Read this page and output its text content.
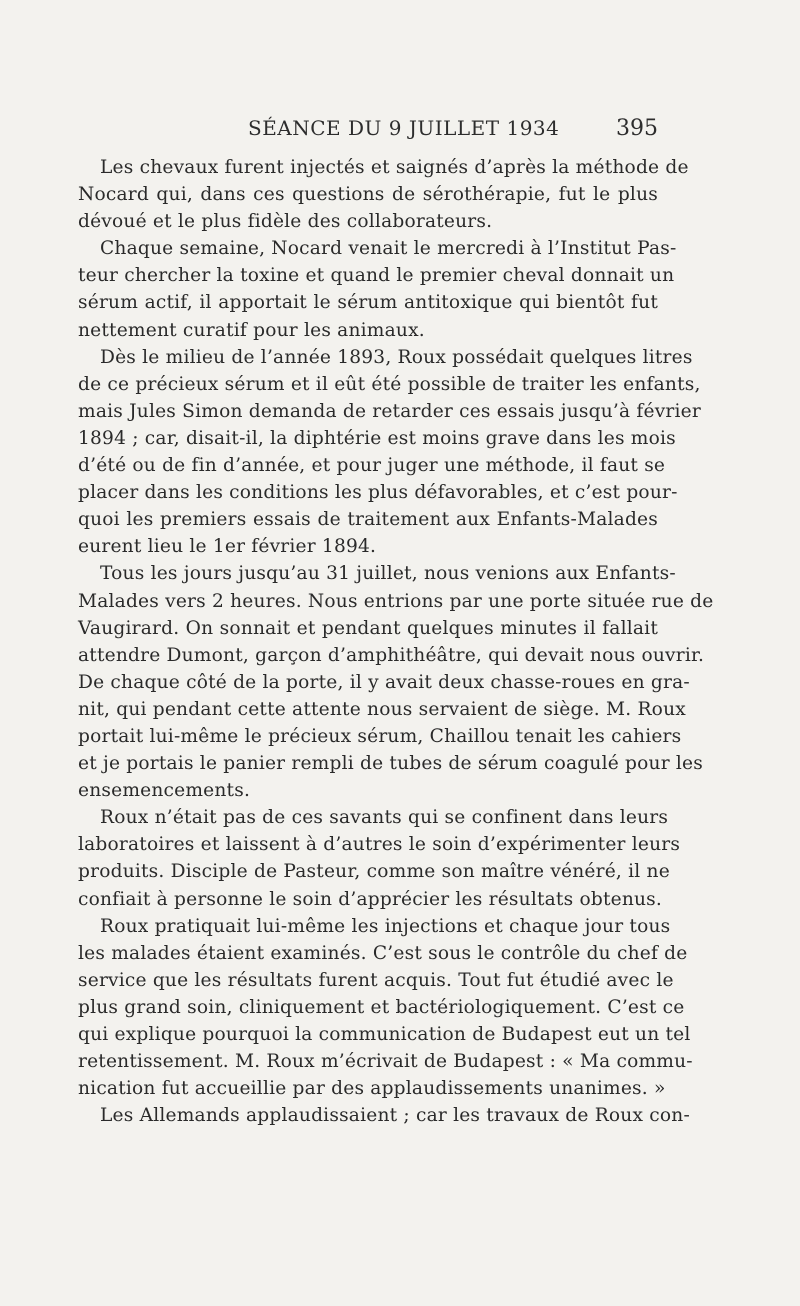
SÉANCE DU 9 JUILLET 1934	395

Les chevaux furent injectés et saignés d’après la méthode de
Nocard qui, dans ces questions de sérothérapie, fut le plus
dévoué et le plus fidèle des collaborateurs.

Chaque semaine, Nocard venait le mercredi à l’Institut Pas-
teur chercher la toxine et quand le premier cheval donnait un
sérum actif, il apportait le sérum antitoxique qui bientôt fut
nettement curatif pour les animaux.

Dès le milieu de l’année 1893, Roux possédait quelques litres
de ce précieux sérum et il eût été possible de traiter les enfants,
mais Jules Simon demanda de retarder ces essais jusqu’à février
1894 ; car, disait-il, la diphtérie est moins grave dans les mois
d’été ou de fin d’année, et pour juger une méthode, il faut se
placer dans les conditions les plus défavorables, et c’est pour-
quoi les premiers essais de traitement aux Enfants-Malades
eurent lieu le 1er février 1894.

Tous les jours jusqu’au 31 juillet, nous venions aux Enfants-
Malades vers 2 heures. Nous entrions par une porte située rue de
Vaugirard. On sonnait et pendant quelques minutes il fallait
attendre Dumont, garçon d’amphithéâtre, qui devait nous ouvrir.
De chaque côté de la porte, il y avait deux chasse-roues en gra-
nit, qui pendant cette attente nous servaient de siège. M. Roux
portait lui-même le précieux sérum, Chaillou tenait les cahiers
et je portais le panier rempli de tubes de sérum coagulé pour les
ensemencements.

Roux n’était pas de ces savants qui se confinent dans leurs
laboratoires et laissent à d’autres le soin d’expérimenter leurs
produits. Disciple de Pasteur, comme son maître vénéré, il ne
confiait à personne le soin d’apprécier les résultats obtenus.

Roux pratiquait lui-même les injections et chaque jour tous
les malades étaient examinés. C’est sous le contrôle du chef de
service que les résultats furent acquis. Tout fut étudié avec le
plus grand soin, cliniquement et bactériologiquement. C’est ce
qui explique pourquoi la communication de Budapest eut un tel
retentissement. M. Roux m’écrivait de Budapest : « Ma commu-
nication fut accueillie par des applaudissements unanimes. »

Les Allemands applaudissaient ; car les travaux de Roux con-
